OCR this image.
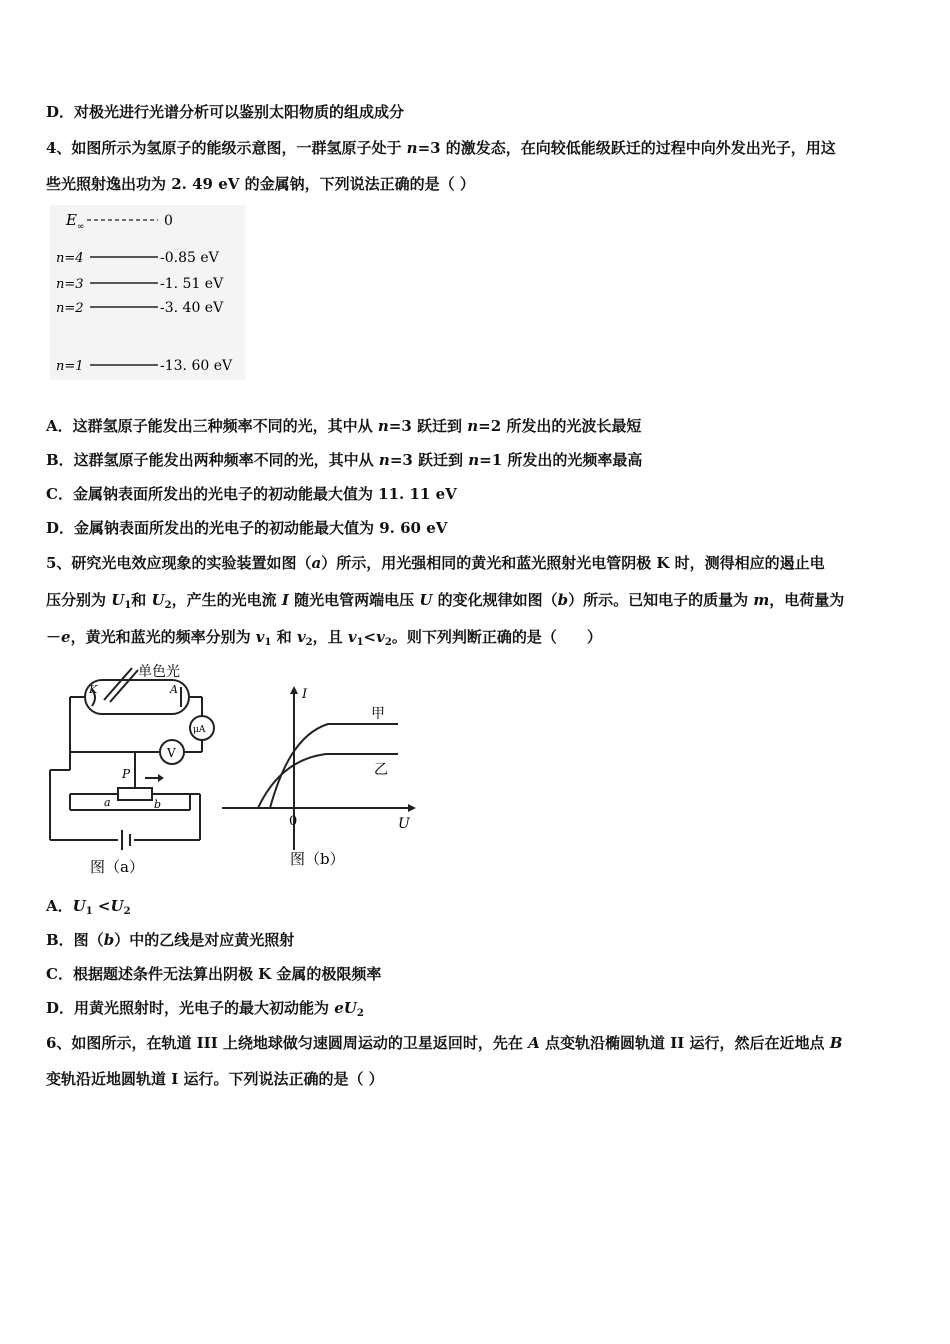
D．对极光进行光谱分析可以鉴别太阳物质的组成成分
4、如图所示为氢原子的能级示意图，一群氢原子处于 n=3 的激发态，在向较低能级跃迁的过程中向外发出光子，用这
些光照射逸出功为 2. 49 eV 的金属钠，下列说法正确的是（ ）
E ∞	0
n=4	-0.85 eV
n=3	-1. 51 eV
n=2	-3. 40 eV
n=1	-13. 60 eV
A．这群氢原子能发出三种频率不同的光，其中从 n=3 跃迁到 n=2 所发出的光波长最短
B．这群氢原子能发出两种频率不同的光，其中从 n=3 跃迁到 n=1 所发出的光频率最高
C．金属钠表面所发出的光电子的初动能最大值为 11. 11 eV
D．金属钠表面所发出的光电子的初动能最大值为 9. 60 eV
5、研究光电效应现象的实验装置如图（a）所示，用光强相同的黄光和蓝光照射光电管阴极 K 时，测得相应的遏止电
压分别为 $U_1$和 $U_2$，产生的光电流 I 随光电管两端电压 U 的变化规律如图（b）所示。已知电子的质量为 m，电荷量为
－e，黄光和蓝光的频率分别为 $v_1$ 和 $v_2$，且 $v_1<v_2$。则下列判断正确的是（　　）
K	A
单色光
μA
V
P
a	b
图（a）
I
U
0
甲
乙
图（b）
A．$U_1 <U_2$
B．图（b）中的乙线是对应黄光照射
C．根据题述条件无法算出阴极 K 金属的极限频率
D．用黄光照射时，光电子的最大初动能为 $eU_2$
6、如图所示，在轨道 III 上绕地球做匀速圆周运动的卫星返回时，先在 A 点变轨沿椭圆轨道 II 运行，然后在近地点 B
变轨沿近地圆轨道 I 运行。下列说法正确的是（ ）
